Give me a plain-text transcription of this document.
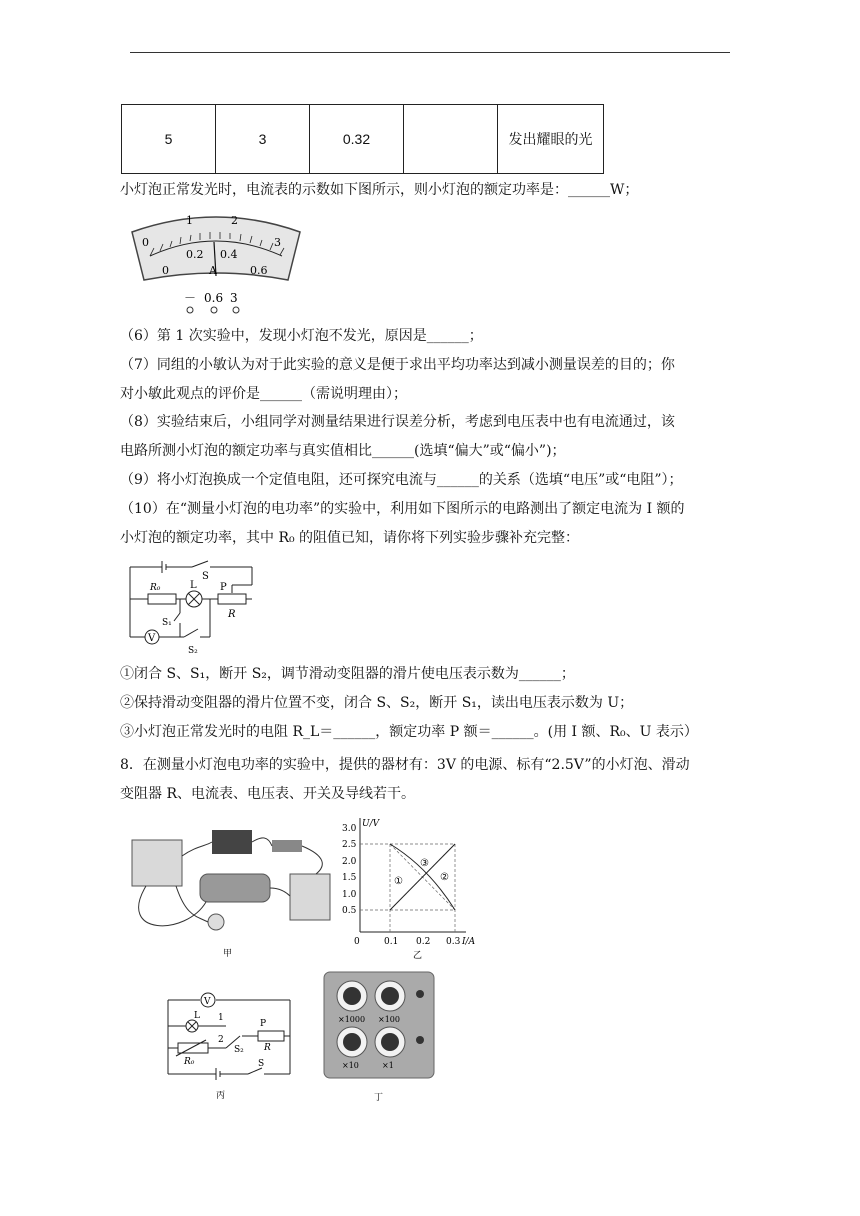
5	3	0.32		发出耀眼的光
小灯泡正常发光时，电流表的示数如下图所示，则小灯泡的额定功率是：______W；
0
1	2
3
0
0.2 0.4
0.6
A
－ 0.6 3
（6）第 1 次实验中，发现小灯泡不发光，原因是______；
（7）同组的小敏认为对于此实验的意义是便于求出平均功率达到减小测量误差的目的；你
对小敏此观点的评价是______（需说明理由）；
（8）实验结束后，小组同学对测量结果进行误差分析，考虑到电压表中也有电流通过，该
电路所测小灯泡的额定功率与真实值相比______(选填“偏大”或“偏小”)；
（9）将小灯泡换成一个定值电阻，还可探究电流与______的关系（选填“电压”或“电阻”）；
（10）在“测量小灯泡的电功率”的实验中，利用如下图所示的电路测出了额定电流为 I 额的
小灯泡的额定功率，其中 R₀ 的阻值已知，请你将下列实验步骤补充完整：
S
R₀	L P
R
S₁
V
S₂
①闭合 S、S₁，断开 S₂，调节滑动变阻器的滑片使电压表示数为______；
②保持滑动变阻器的滑片位置不变，闭合 S、S₂，断开 S₁，读出电压表示数为 U；
③小灯泡正常发光时的电阻 R_L＝______，额定功率 P 额＝______。(用 I 额、R₀、U 表示）
8．在测量小灯泡电功率的实验中，提供的器材有：3V 的电源、标有“2.5V”的小灯泡、滑动
变阻器 R、电流表、电压表、开关及导线若干。
甲
U/V
I/A
0.5
1.0
1.5
2.0
2.5
3.0
0	0.1 0.2 0.3
①	②
③
乙
V
L 1
2
S₂
P
R
R₀	S
丙
×1000 ×100
×10	×1
丁
